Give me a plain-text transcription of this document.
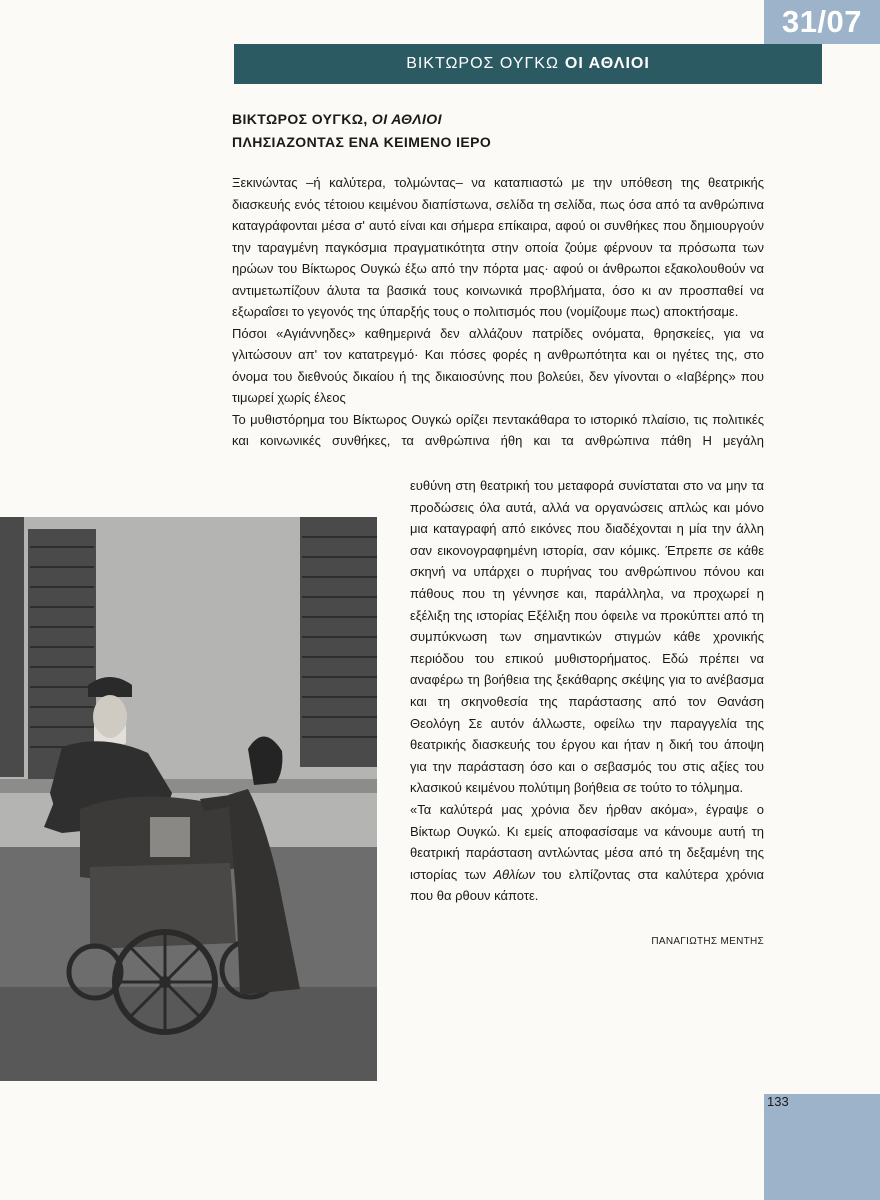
31/07
ΒΙΚΤΩΡΟΣ ΟΥΓΚΩ ΟΙ ΑΘΛΙΟΙ
ΒΙΚΤΩΡΟΣ ΟΥΓΚΩ, ΟΙ ΑΘΛΙΟΙ
ΠΛΗΣΙΑΖΟΝΤΑΣ ΕΝΑ ΚΕΙΜΕΝΟ ΙΕΡΟ

Ξεκινώντας –ή καλύτερα, τολμώντας– να καταπιαστώ με την υπόθεση της θεατρικής διασκευής ενός τέτοιου κειμένου διαπίστωνα, σελίδα τη σελίδα, πως όσα από τα ανθρώπινα καταγράφονται μέσα σ' αυτό είναι και σήμερα επίκαιρα, αφού οι συνθήκες που δημιουργούν την ταραγμένη παγκόσμια πραγματικότητα στην οποία ζούμε φέρνουν τα πρόσωπα των ηρώων του Βίκτωρος Ουγκώ έξω από την πόρτα μας· αφού οι άνθρωποι εξακολουθούν να αντιμετωπίζουν άλυτα τα βασικά τους κοινωνικά προβλήματα, όσο κι αν προσπαθεί να εξωραΐσει το γεγονός της ύπαρξής τους ο πολιτισμός που (νομίζουμε πως) αποκτήσαμε.

Πόσοι «Αγιάννηδες» καθημερινά δεν αλλάζουν πατρίδες ονόματα, θρησκείες, για να γλιτώσουν απ' τον κατατρεγμό· Και πόσες φορές η ανθρωπότητα και οι ηγέτες της, στο όνομα του διεθνούς δικαίου ή της δικαιοσύνης που βολεύει, δεν γίνονται ο «Ιαβέρης» που τιμωρεί χωρίς έλεος

Το μυθιστόρημα του Βίκτωρος Ουγκώ ορίζει πεντακάθαρα το ιστορικό πλαίσιο, τις πολιτικές και κοινωνικές συνθήκες, τα ανθρώπινα ήθη και τα ανθρώπινα πάθη Η μεγάλη

ευθύνη στη θεατρική του μεταφορά συνίσταται στο να μην τα προδώσεις όλα αυτά, αλλά να οργανώσεις απλώς και μόνο μια καταγραφή από εικόνες που διαδέχονται η μία την άλλη σαν εικονογραφημένη ιστορία, σαν κόμικς. Έπρεπε σε κάθε σκηνή να υπάρχει ο πυρήνας του ανθρώπινου πόνου και πάθους που τη γέννησε και, παράλληλα, να προχωρεί η εξέλιξη της ιστορίας Εξέλιξη που όφειλε να προκύπτει από τη συμπύκνωση των σημαντικών στιγμών κάθε χρονικής περιόδου του επικού μυθιστορήματος. Εδώ πρέπει να αναφέρω τη βοήθεια της ξεκάθαρης σκέψης για το ανέβασμα και τη σκηνοθεσία της παράστασης από τον Θανάση Θεολόγη Σε αυτόν άλλωστε, οφείλω την παραγγελία της θεατρικής διασκευής του έργου και ήταν η δική του άποψη για την παράσταση όσο και ο σεβασμός του στις αξίες του κλασικού κειμένου πολύτιμη βοήθεια σε τούτο το τόλμημα.

«Τα καλύτερά μας χρόνια δεν ήρθαν ακόμα», έγραψε ο Βίκτωρ Ουγκώ. Κι εμείς αποφασίσαμε να κάνουμε αυτή τη θεατρική παράσταση αντλώντας μέσα από τη δεξαμένη της ιστορίας των Αθλίων του ελπίζοντας στα καλύτερα χρόνια που θα ρθουν κάποτε.

ΠΑΝΑΓΙΩΤΗΣ ΜΕΝΤΗΣ
133
